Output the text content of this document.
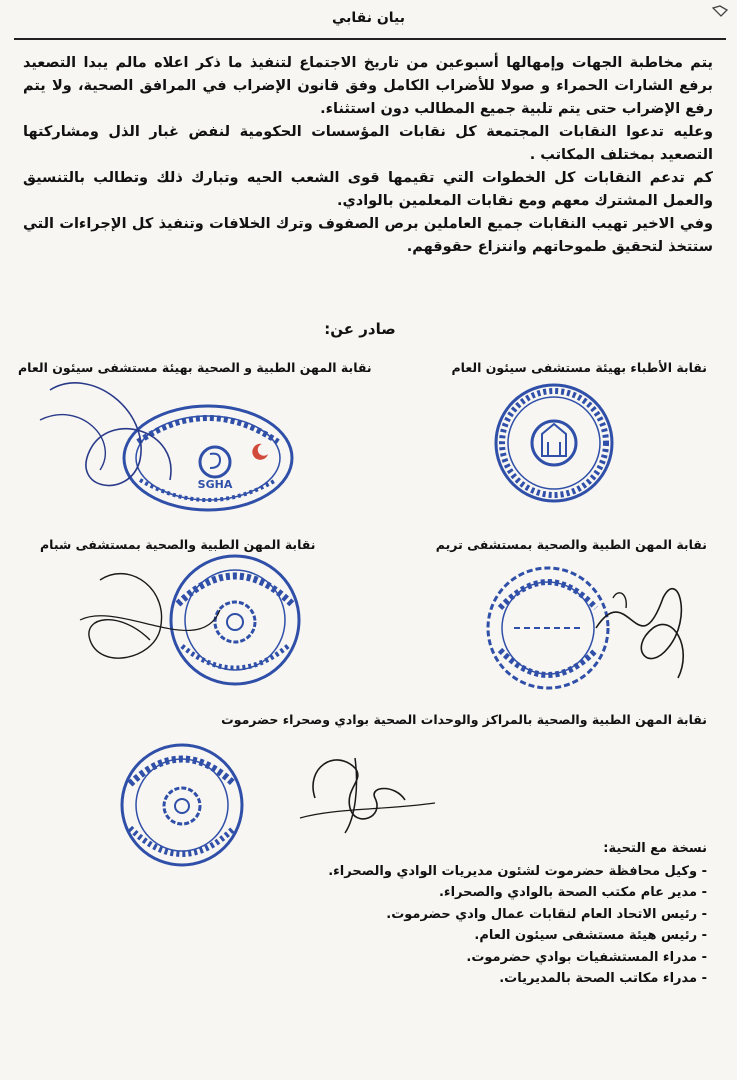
بيان نقابي

يتم مخاطبة الجهات وإمهالها أسبوعين من تاريخ الاجتماع لتنفيذ ما ذكر اعلاه مالم يبدا التصعيد برفع الشارات الحمراء و صولا للأضراب الكامل وفق قانون الإضراب في المرافق الصحية، ولا يتم رفع الإضراب حتى يتم تلبية جميع المطالب دون استثناء.

وعليه تدعوا النقابات المجتمعة كل نقابات المؤسسات الحكومية لنفض غبار الذل ومشاركتها التصعيد بمختلف المكاتب .

كم تدعم النقابات كل الخطوات التي تقيمها قوى الشعب الحيه وتبارك ذلك وتطالب بالتنسيق والعمل المشترك معهم ومع نقابات المعلمين بالوادي.

وفي الاخير تهيب النقابات جميع العاملين برص الصفوف وترك الخلافات وتنفيذ كل الإجراءات التي ستتخذ لتحقيق طموحاتهم وانتزاع حقوقهم.

صادر عن:
نقابة الأطباء بهيئة مستشفى سيئون العام
نقابة المهن الطبية و الصحية بهيئة مستشفى سيئون العام
SGHA
نقابة المهن الطبية والصحية بمستشفى تريم
نقابة المهن الطبية والصحية بمستشفى شبام
نقابة المهن الطبية والصحية بالمراكز والوحدات الصحية بوادي وصحراء حضرموت
نسخة مع التحية:
- وكيل محافظة حضرموت لشئون مديريات الوادي والصحراء.
- مدير عام مكتب الصحة بالوادي والصحراء.
- رئيس الاتحاد العام لنقابات عمال وادي حضرموت.
- رئيس هيئة مستشفى سيئون العام.
- مدراء المستشفيات بوادي حضرموت.
- مدراء مكاتب الصحة بالمديريات.
